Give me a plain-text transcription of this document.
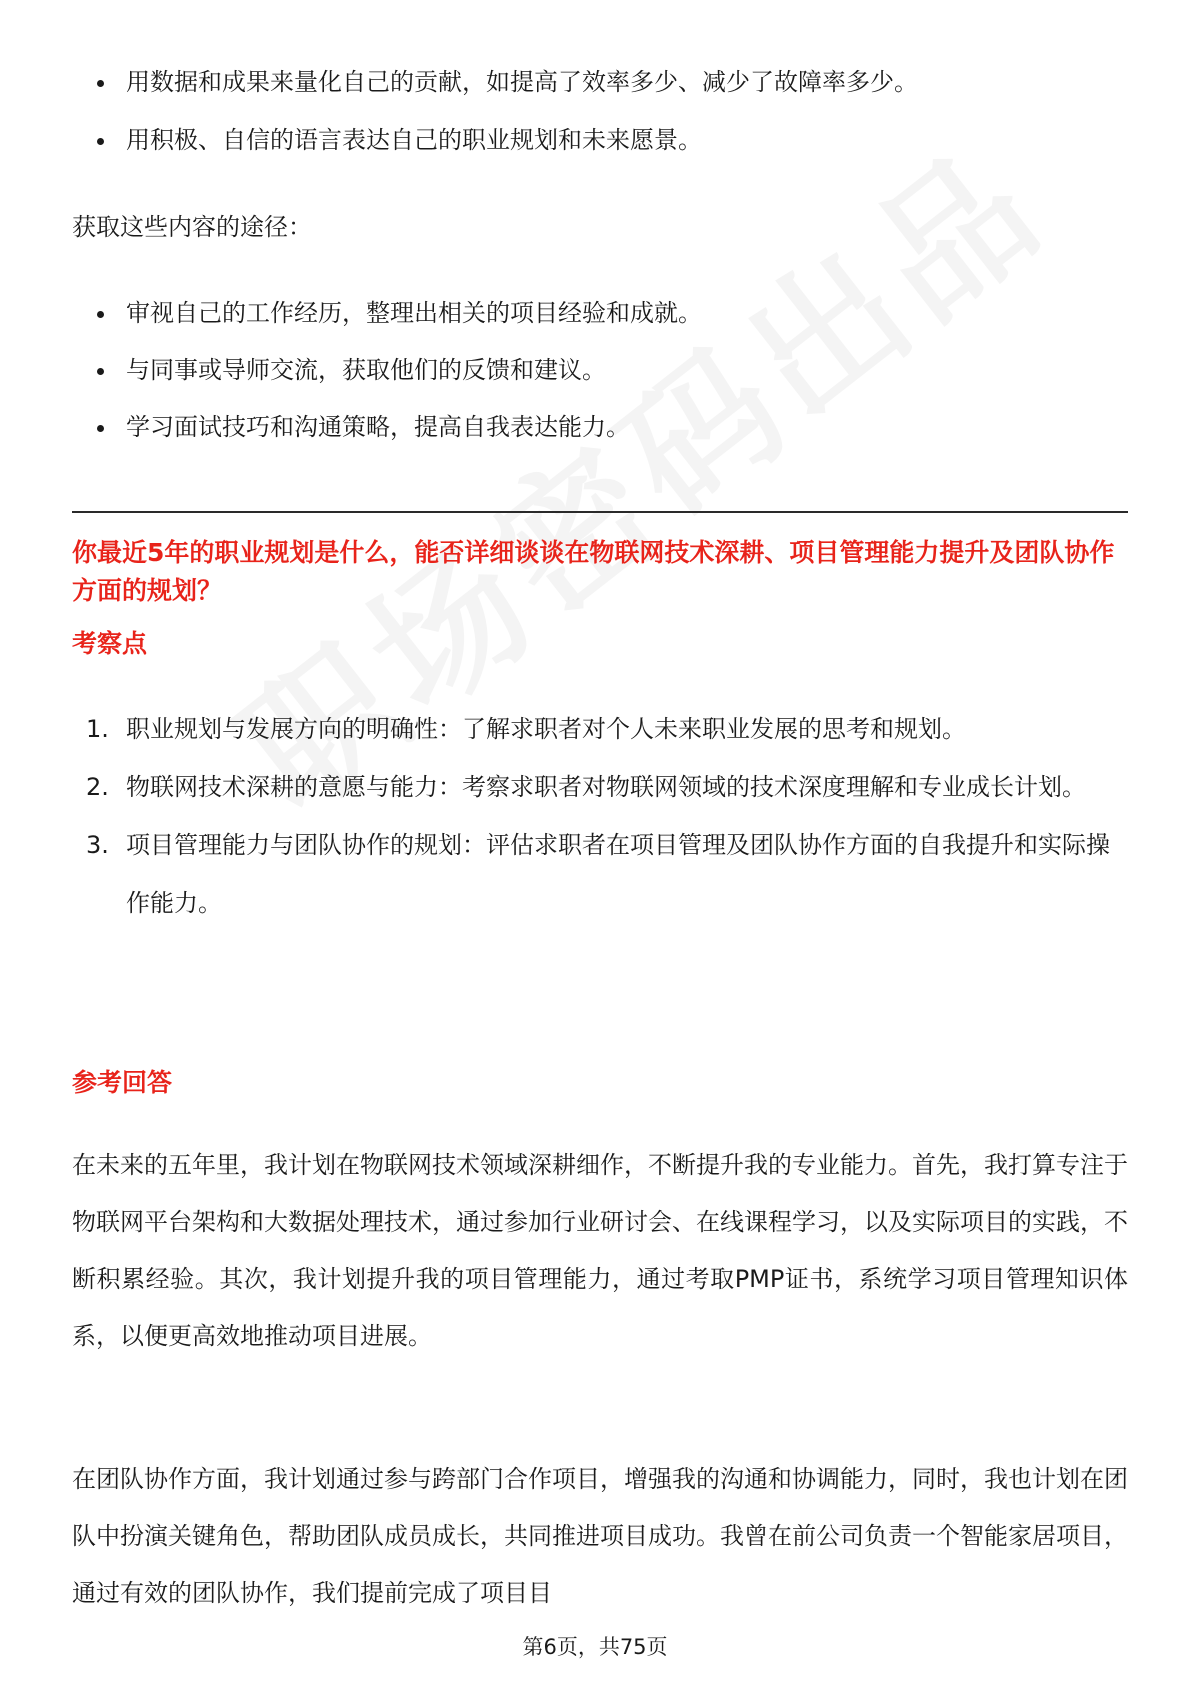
用数据和成果来量化自己的贡献，如提高了效率多少、减少了故障率多少。
用积极、自信的语言表达自己的职业规划和未来愿景。
获取这些内容的途径：
审视自己的工作经历，整理出相关的项目经验和成就。
与同事或导师交流，获取他们的反馈和建议。
学习面试技巧和沟通策略，提高自我表达能力。
你最近5年的职业规划是什么，能否详细谈谈在物联网技术深耕、项目管理能力提升及团队协作方面的规划？
考察点
1. 职业规划与发展方向的明确性：了解求职者对个人未来职业发展的思考和规划。
2. 物联网技术深耕的意愿与能力：考察求职者对物联网领域的技术深度理解和专业成长计划。
3. 项目管理能力与团队协作的规划：评估求职者在项目管理及团队协作方面的自我提升和实际操作能力。
参考回答

在未来的五年里，我计划在物联网技术领域深耕细作，不断提升我的专业能力。首先，我打算专注于物联网平台架构和大数据处理技术，通过参加行业研讨会、在线课程学习，以及实际项目的实践，不断积累经验。其次，我计划提升我的项目管理能力，通过考取PMP证书，系统学习项目管理知识体系，以便更高效地推动项目进展。

在团队协作方面，我计划通过参与跨部门合作项目，增强我的沟通和协调能力，同时，我也计划在团队中扮演关键角色，帮助团队成员成长，共同推进项目成功。我曾在前公司负责一个智能家居项目，通过有效的团队协作，我们提前完成了项目目

第6页，共75页
